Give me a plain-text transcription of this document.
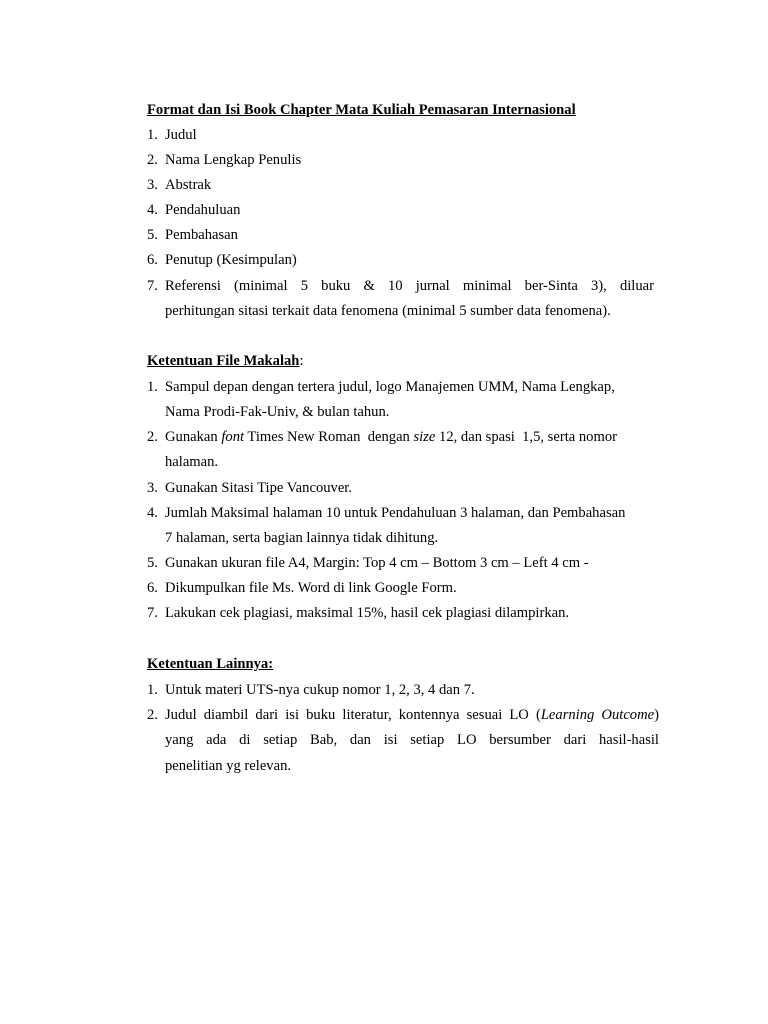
Format dan Isi Book Chapter Mata Kuliah Pemasaran Internasional
1. Judul
2. Nama Lengkap Penulis
3. Abstrak
4. Pendahuluan
5. Pembahasan
6. Penutup (Kesimpulan)
7. Referensi (minimal 5 buku & 10 jurnal minimal ber-Sinta 3), diluar
perhitungan sitasi terkait data fenomena (minimal 5 sumber data fenomena).
Ketentuan File Makalah:
1. Sampul depan dengan tertera judul, logo Manajemen UMM, Nama Lengkap,
Nama Prodi-Fak-Univ, & bulan tahun.
2. Gunakan font Times New Roman  dengan size 12, dan spasi  1,5, serta nomor
halaman.
3. Gunakan Sitasi Tipe Vancouver.
4. Jumlah Maksimal halaman 10 untuk Pendahuluan 3 halaman, dan Pembahasan
7 halaman, serta bagian lainnya tidak dihitung.
5. Gunakan ukuran file A4, Margin: Top 4 cm – Bottom 3 cm – Left 4 cm -
6. Dikumpulkan file Ms. Word di link Google Form.
7. Lakukan cek plagiasi, maksimal 15%, hasil cek plagiasi dilampirkan.
Ketentuan Lainnya:
1. Untuk materi UTS-nya cukup nomor 1, 2, 3, 4 dan 7.
2. Judul diambil dari isi buku literatur, kontennya sesuai LO (Learning Outcome)
yang ada di setiap Bab, dan isi setiap LO bersumber dari hasil-hasil
penelitian yg relevan.
